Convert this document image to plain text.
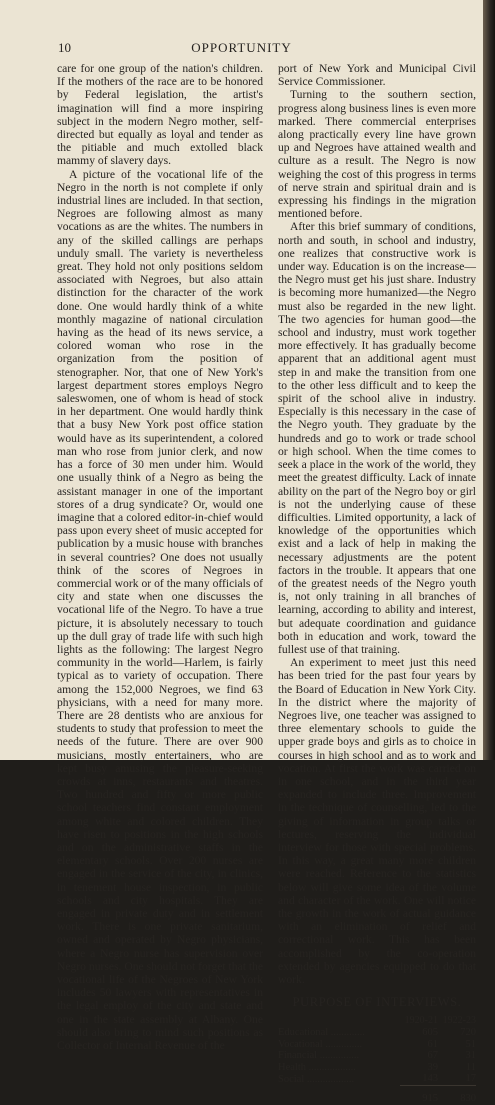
10	OPPORTUNITY

care for one group of the nation's children. If the mothers of the race are to be honored by Federal legislation, the artist's imagination will find a more inspiring subject in the modern Negro mother, self-directed but equally as loyal and tender as the pitiable and much extolled black mammy of slavery days.

A picture of the vocational life of the Negro in the north is not complete if only industrial lines are included. In that section, Negroes are following almost as many vocations as are the whites. The numbers in any of the skilled callings are perhaps unduly small. The variety is nevertheless great. They hold not only positions seldom associated with Negroes, but also attain distinction for the character of the work done. One would hardly think of a white monthly magazine of national circulation having as the head of its news service, a colored woman who rose in the organization from the position of stenographer. Nor, that one of New York's largest department stores employs Negro saleswomen, one of whom is head of stock in her department. One would hardly think that a busy New York post office station would have as its superintendent, a colored man who rose from junior clerk, and now has a force of 30 men under him. Would one usually think of a Negro as being the assistant manager in one of the important stores of a drug syndicate? Or, would one imagine that a colored editor-in-chief would pass upon every sheet of music accepted for publication by a music house with branches in several countries? One does not usually think of the scores of Negroes in commercial work or of the many officials of city and state when one discusses the vocational life of the Negro. To have a true picture, it is absolutely necessary to touch up the dull gray of trade life with such high lights as the following: The largest Negro community in the world—Harlem, is fairly typical as to variety of occupation. There among the 152,000 Negroes, we find 63 physicians, with a need for many more. There are 28 dentists who are anxious for students to study that profession to meet the needs of the future. There are over 900 musicians, mostly entertainers, who are kept busy amusing the pleasure-seeking crowds at inns, restaurants and theatres. Two hundred and fifty or more public school teachers find constant employment among white and colored children. They have risen to positions in the high schools and on the administrative staffs in the elementary schools. Over 200 nurses are engaged in the service of the city, in clinics, in tenement house inspection, in public schools and city hospitals. They are engaged in private duty and in settlement work. There is one private sanitarium, owned and operated by Negro physicians, where a Negro nurse has supervision over Negro nurses. One should not forget that the vocational life of the Negroes of New York includes 50 lawyers with representatives in the legal employ of the city and state and one in the state assembly at Albany. One should also bring to mind such positions as Collector of Internal Revenue of the

port of New York and Municipal Civil Service Commissioner.

Turning to the southern section, progress along business lines is even more marked. There commercial enterprises along practically every line have grown up and Negroes have attained wealth and culture as a result. The Negro is now weighing the cost of this progress in terms of nerve strain and spiritual drain and is expressing his findings in the migration mentioned before.

After this brief summary of conditions, north and south, in school and industry, one realizes that constructive work is under way. Education is on the increase—the Negro must get his just share. Industry is becoming more humanized—the Negro must also be regarded in the new light. The two agencies for human good—the school and industry, must work together more effectively. It has gradually become apparent that an additional agent must step in and make the transition from one to the other less difficult and to keep the spirit of the school alive in industry. Especially is this necessary in the case of the Negro youth. They graduate by the hundreds and go to work or trade school or high school. When the time comes to seek a place in the work of the world, they meet the greatest difficulty. Lack of innate ability on the part of the Negro boy or girl is not the underlying cause of these difficulties. Limited opportunity, a lack of knowledge of the opportunities which exist and a lack of help in making the necessary adjustments are the potent factors in the trouble. It appears that one of the greatest needs of the Negro youth is, not only training in all branches of learning, according to ability and interest, but adequate coordination and guidance both in education and work, toward the fullest use of that training.

An experiment to meet just this need has been tried for the past four years by the Board of Education in New York City. In the district where the majority of Negroes live, one teacher was assigned to three elementary schools to guide the upper grade boys and girls as to choice in courses in high school and as to work and vocation. At first the work was carried on in one school, and in the third year expanded to include three. Improvement in the technique of counselling, led to the giving of information in group talks or lectures, reserving the individual interview for those with special problems. In this way, a great many more children were reached. Reference to the statistics below will give some idea of the volume and character of the work. One will notice the growth in the work of actual guidance with an elimination of relief and correctional work. This has been accomplished by the co-operation extended by agencies equipped to do that work.

PURPOSE OF INTERVIEWS.
	1920-21	1922-23
Educational .............	605	720
Vocational ..............	61	51
Financial ...............	67	31
Health ..................	39	11
Social ..................	143	17
	915	830
